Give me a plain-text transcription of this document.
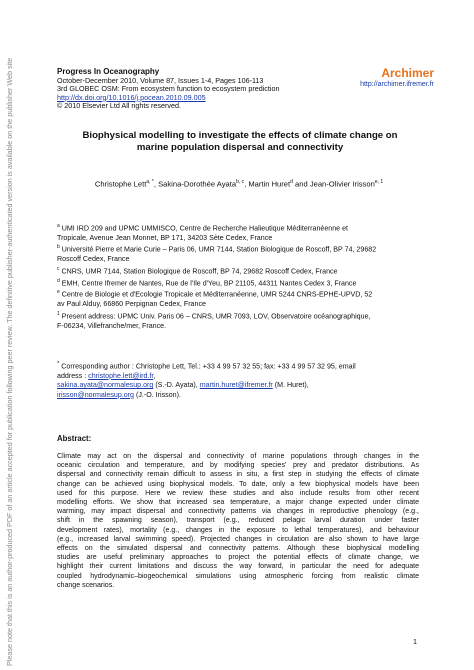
Please note that this is an author-produced PDF of an article accepted for publication following peer review. The definitive publisher-authenticated version is available on the publisher Web site	Progress In Oceanography
October-December 2010, Volume 87, Issues 1-4, Pages 106-113
3rd GLOBEC OSM: From ecosystem function to ecosystem prediction
http://dx.doi.org/10.1016/j.pocean.2010.09.005
© 2010 Elsevier Ltd All rights reserved.
Archimer
http://archimer.ifremer.fr
Biophysical modelling to investigate the effects of climate change on
marine population dispersal and connectivity
Christophe Lett$^{a, *}$, Sakina-Dorothée Ayata$^{b, c}$, Martin Huret$^d$ and Jean-Olivier Irisson$^{e, 1}$

$^a$ UMI IRD 209 and UPMC UMMISCO, Centre de Recherche Halieutique Méditerranéenne et

Tropicale, Avenue Jean Monnet, BP 171, 34203 Sète Cedex, France

$^b$ Université Pierre et Marie Curie – Paris 06, UMR 7144, Station Biologique de Roscoff, BP 74, 29682

Roscoff Cedex, France

$^c$ CNRS, UMR 7144, Station Biologique de Roscoff, BP 74, 29682 Roscoff Cedex, France

$^d$ EMH, Centre Ifremer de Nantes, Rue de l'Ile d'Yeu, BP 21105, 44311 Nantes Cedex 3, France

$^e$ Centre de Biologie et d'Ecologie Tropicale et Méditerranéenne, UMR 5244 CNRS-EPHE-UPVD, 52

av Paul Alduy, 66860 Perpignan Cedex, France

$^1$ Present address: UPMC Univ. Paris 06 – CNRS, UMR 7093, LOV, Observatoire océanographique,

F-06234, Villefranche/mer, France.

* Corresponding author : Christophe Lett, Tel.: +33 4 99 57 32 55; fax: +33 4 99 57 32 95, email

address : christophe.lett@ird.fr,

sakina.ayata@normalesup.org (S.-D. Ayata), martin.huret@ifremer.fr (M. Huret),

irisson@normalesup.org (J.-O. Irisson).

Abstract:
Climate may act on the dispersal and connectivity of marine populations through changes in the
oceanic circulation and temperature, and by modifying species' prey and predator distributions. As
dispersal and connectivity remain difficult to assess in situ, a first step in studying the effects of climate
change can be achieved using biophysical models. To date, only a few biophysical models have been
used for this purpose. Here we review these studies and also include results from other recent
modelling efforts. We show that increased sea temperature, a major change expected under climate
warming, may impact dispersal and connectivity patterns via changes in reproductive phenology (e.g.,
shift in the spawning season), transport (e.g., reduced pelagic larval duration under faster
development rates), mortality (e.g., changes in the exposure to lethal temperatures), and behaviour
(e.g., increased larval swimming speed). Projected changes in circulation are also shown to have large
effects on the simulated dispersal and connectivity patterns. Although these biophysical modelling
studies are useful preliminary approaches to project the potential effects of climate change, we
highlight their current limitations and discuss the way forward, in particular the need for adequate
coupled hydrodynamic–biogeochemical simulations using atmospheric forcing from realistic climate
change scenarios.
1
